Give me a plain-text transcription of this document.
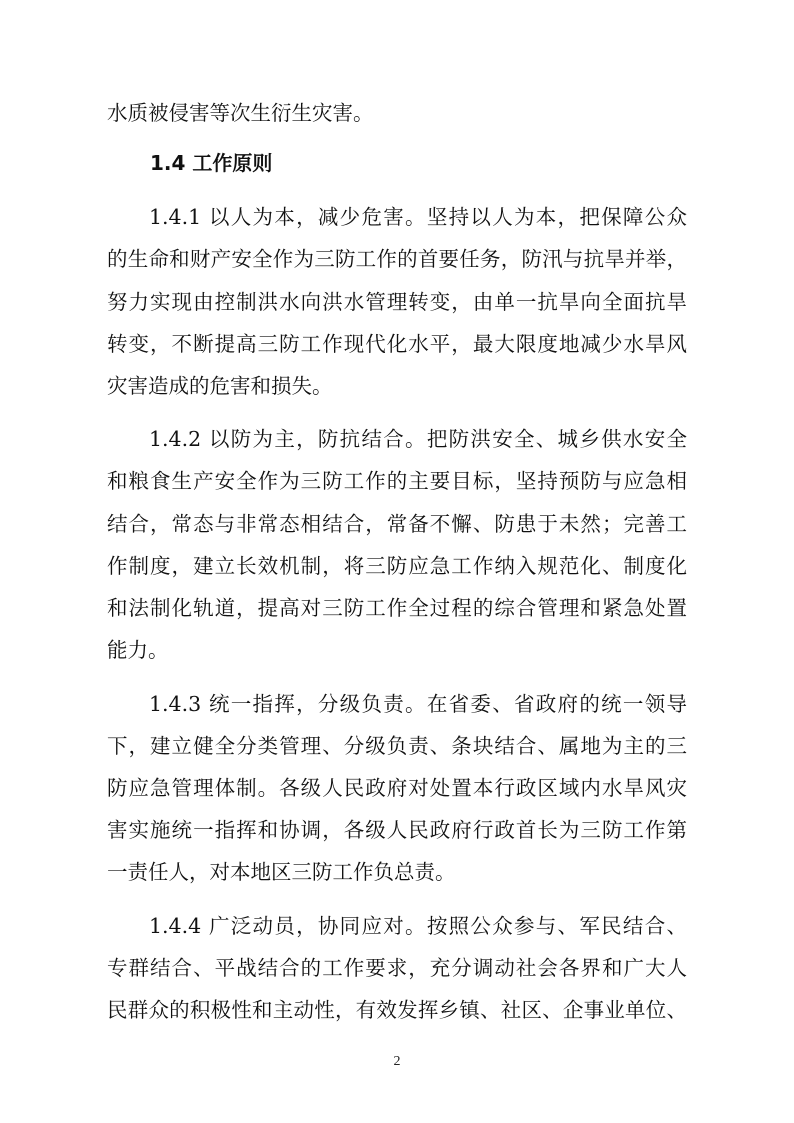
水质被侵害等次生衍生灾害。
1.4 工作原则
1.4.1 以人为本，减少危害。坚持以人为本，把保障公众
的生命和财产安全作为三防工作的首要任务，防汛与抗旱并举，
努力实现由控制洪水向洪水管理转变，由单一抗旱向全面抗旱
转变，不断提高三防工作现代化水平，最大限度地减少水旱风
灾害造成的危害和损失。
1.4.2 以防为主，防抗结合。把防洪安全、城乡供水安全
和粮食生产安全作为三防工作的主要目标，坚持预防与应急相
结合，常态与非常态相结合，常备不懈、防患于未然；完善工
作制度，建立长效机制，将三防应急工作纳入规范化、制度化
和法制化轨道，提高对三防工作全过程的综合管理和紧急处置
能力。
1.4.3 统一指挥，分级负责。在省委、省政府的统一领导
下，建立健全分类管理、分级负责、条块结合、属地为主的三
防应急管理体制。各级人民政府对处置本行政区域内水旱风灾
害实施统一指挥和协调，各级人民政府行政首长为三防工作第
一责任人，对本地区三防工作负总责。
1.4.4 广泛动员，协同应对。按照公众参与、军民结合、
专群结合、平战结合的工作要求，充分调动社会各界和广大人
民群众的积极性和主动性，有效发挥乡镇、社区、企事业单位、
2
